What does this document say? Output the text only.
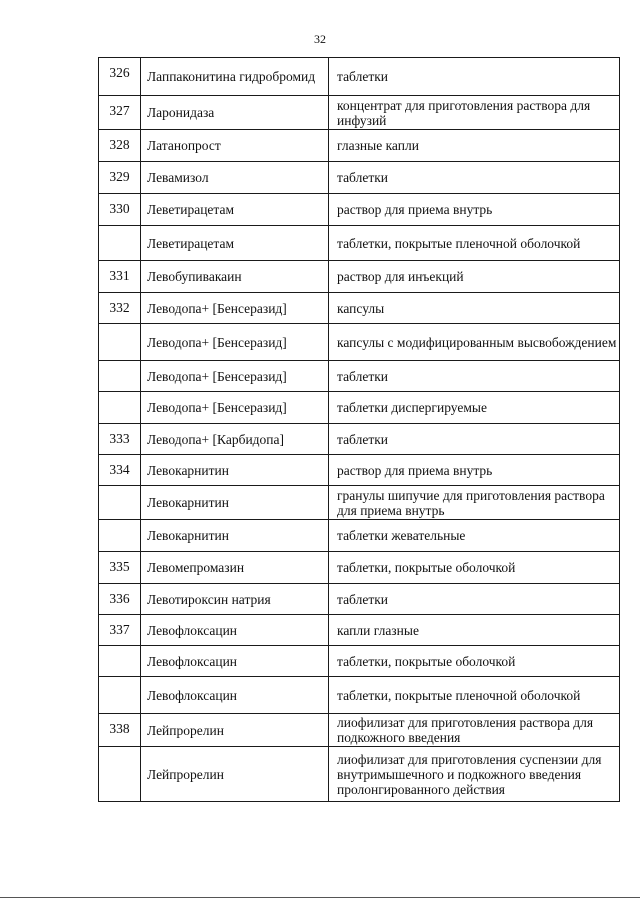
32
326	Лаппаконитина гидробромид	таблетки
327	Ларонидаза	концентрат для приготовления раствора для инфузий
328	Латанопрост	глазные капли
329	Левамизол	таблетки
330	Леветирацетам	раствор для приема внутрь
	Леветирацетам	таблетки, покрытые пленочной оболочкой
331	Левобупивакаин	раствор для инъекций
332	Леводопа+ [Бенсеразид]	капсулы
	Леводопа+ [Бенсеразид]	капсулы с модифицированным высвобождением
	Леводопа+ [Бенсеразид]	таблетки
	Леводопа+ [Бенсеразид]	таблетки диспергируемые
333	Леводопа+ [Карбидопа]	таблетки
334	Левокарнитин	раствор для приема внутрь
	Левокарнитин	гранулы шипучие для приготовления раствора для приема внутрь
	Левокарнитин	таблетки жевательные
335	Левомепромазин	таблетки, покрытые оболочкой
336	Левотироксин натрия	таблетки
337	Левофлоксацин	капли глазные
	Левофлоксацин	таблетки, покрытые оболочкой
	Левофлоксацин	таблетки, покрытые пленочной оболочкой
338	Лейпрорелин	лиофилизат для приготовления раствора для подкожного введения
	Лейпрорелин	лиофилизат для приготовления суспензии для внутримышечного и подкожного введения пролонгированного действия
